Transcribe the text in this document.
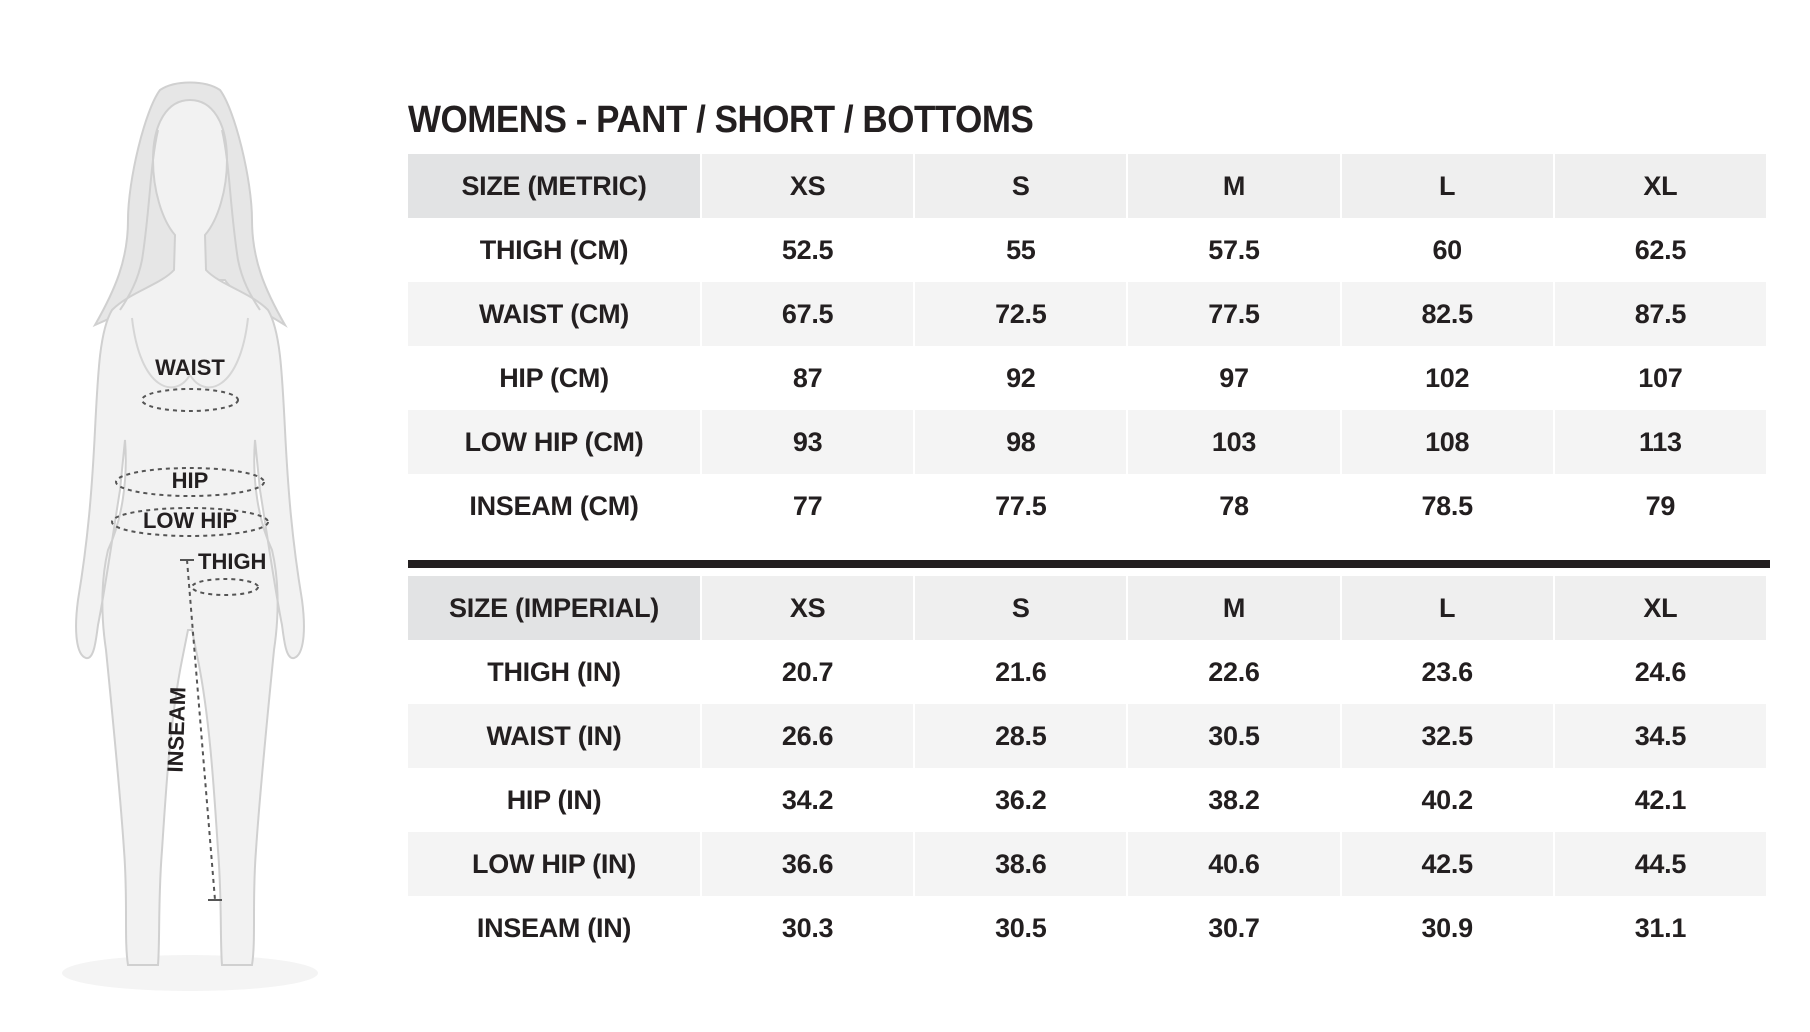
WAIST
HIP
LOW HIP
THIGH
INSEAM
WOMENS - PANT / SHORT / BOTTOMS
SIZE (METRIC)	XS	S	M	L	XL
THIGH (CM)	52.5	55	57.5	60	62.5
WAIST (CM)	67.5	72.5	77.5	82.5	87.5
HIP (CM)	87	92	97	102	107
LOW HIP (CM)	93	98	103	108	113
INSEAM (CM)	77	77.5	78	78.5	79
SIZE (IMPERIAL)	XS	S	M	L	XL
THIGH (IN)	20.7	21.6	22.6	23.6	24.6
WAIST (IN)	26.6	28.5	30.5	32.5	34.5
HIP (IN)	34.2	36.2	38.2	40.2	42.1
LOW HIP (IN)	36.6	38.6	40.6	42.5	44.5
INSEAM (IN)	30.3	30.5	30.7	30.9	31.1
